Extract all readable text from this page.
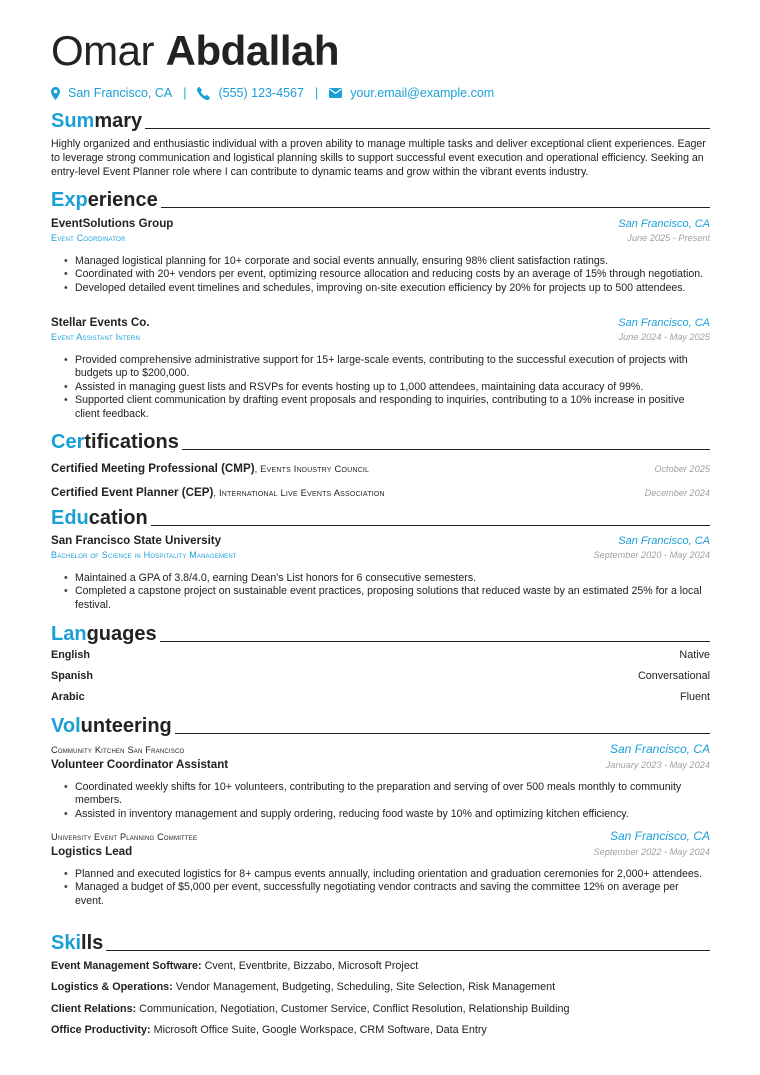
Omar Abdallah
San Francisco, CA |	(555) 123-4567 |	your.email@example.com
Summary
Highly organized and enthusiastic individual with a proven ability to manage multiple tasks and deliver exceptional client experiences. Eager to leverage strong communication and logistical planning skills to support successful event execution and operational efficiency. Seeking an entry-level Event Planner role where I can contribute to dynamic teams and grow within the vibrant events industry.
Experience
EventSolutions Group	San Francisco, CA
Event Coordinator	June 2025 - Present
• Managed logistical planning for 10+ corporate and social events annually, ensuring 98% client satisfaction ratings.
• Coordinated with 20+ vendors per event, optimizing resource allocation and reducing costs by an average of 15% through negotiation.
• Developed detailed event timelines and schedules, improving on-site execution efficiency by 20% for projects up to 500 attendees.
Stellar Events Co.	San Francisco, CA
Event Assistant Intern	June 2024 - May 2025
• Provided comprehensive administrative support for 15+ large-scale events, contributing to the successful execution of projects with budgets up to $200,000.
• Assisted in managing guest lists and RSVPs for events hosting up to 1,000 attendees, maintaining data accuracy of 99%.
• Supported client communication by drafting event proposals and responding to inquiries, contributing to a 10% increase in positive client feedback.
Certifications
Certified Meeting Professional (CMP), Events Industry Council	October 2025
Certified Event Planner (CEP), International Live Events Association	December 2024
Education
San Francisco State University	San Francisco, CA
Bachelor of Science in Hospitality Management	September 2020 - May 2024
• Maintained a GPA of 3.8/4.0, earning Dean's List honors for 6 consecutive semesters.
• Completed a capstone project on sustainable event practices, proposing solutions that reduced waste by an estimated 25% for a local festival.
Languages
English	Native
Spanish	Conversational
Arabic	Fluent
Volunteering
Community Kitchen San Francisco	San Francisco, CA
Volunteer Coordinator Assistant	January 2023 - May 2024
• Coordinated weekly shifts for 10+ volunteers, contributing to the preparation and serving of over 500 meals monthly to community members.
• Assisted in inventory management and supply ordering, reducing food waste by 10% and optimizing kitchen efficiency.
University Event Planning Committee	San Francisco, CA
Logistics Lead	September 2022 - May 2024
• Planned and executed logistics for 8+ campus events annually, including orientation and graduation ceremonies for 2,000+ attendees.
• Managed a budget of $5,000 per event, successfully negotiating vendor contracts and saving the committee 12% on average per event.
Skills
Event Management Software: Cvent, Eventbrite, Bizzabo, Microsoft Project
Logistics & Operations: Vendor Management, Budgeting, Scheduling, Site Selection, Risk Management
Client Relations: Communication, Negotiation, Customer Service, Conflict Resolution, Relationship Building
Office Productivity: Microsoft Office Suite, Google Workspace, CRM Software, Data Entry
